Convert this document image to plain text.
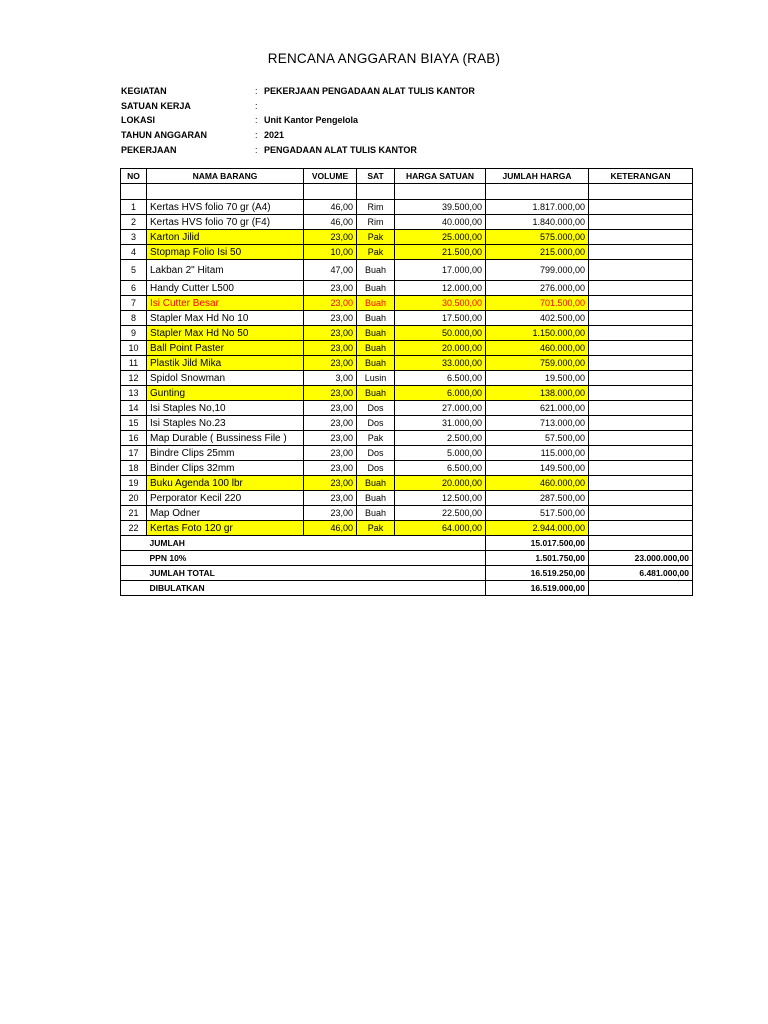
RENCANA ANGGARAN BIAYA (RAB)
KEGIATAN	: PEKERJAAN PENGADAAN ALAT TULIS KANTOR
SATUAN KERJA	:
LOKASI	: Unit Kantor Pengelola
TAHUN ANGGARAN	: 2021
PEKERJAAN	: PENGADAAN ALAT TULIS KANTOR
NO	NAMA BARANG	VOLUME	SAT	HARGA SATUAN	JUMLAH HARGA	KETERANGAN

1	Kertas HVS folio 70 gr (A4)	46,00	Rim	39.500,00	1.817.000,00	
2	Kertas HVS folio 70 gr (F4)	46,00	Rim	40.000,00	1.840.000,00	
3	Karton Jilid	23,00	Pak	25.000,00	575.000,00	
4	Stopmap Folio Isi 50	10,00	Pak	21.500,00	215.000,00	
5	Lakban 2" Hitam	47,00	Buah	17.000,00	799.000,00	
6	Handy Cutter L500	23,00	Buah	12.000,00	276.000,00	
7	Isi Cutter Besar	23,00	Buah	30.500,00	701.500,00	
8	Stapler Max Hd No 10	23,00	Buah	17.500,00	402.500,00	
9	Stapler Max Hd No 50	23,00	Buah	50.000,00	1.150.000,00	
10	Ball Point Paster	23,00	Buah	20.000,00	460.000,00	
11	Plastik Jild Mika	23,00	Buah	33.000,00	759.000,00	
12	Spidol Snowman	3,00	Lusin	6.500,00	19.500,00	
13	Gunting	23,00	Buah	6.000,00	138.000,00	
14	Isi Staples No,10	23,00	Dos	27.000,00	621.000,00	
15	Isi Staples No.23	23,00	Dos	31.000,00	713.000,00	
16	Map Durable ( Bussiness File )	23,00	Pak	2.500,00	57.500,00	
17	Bindre Clips 25mm	23,00	Dos	5.000,00	115.000,00	
18	Binder Clips 32mm	23,00	Dos	6.500,00	149.500,00	
19	Buku Agenda 100 lbr	23,00	Buah	20.000,00	460.000,00	
20	Perporator Kecil 220	23,00	Buah	12.500,00	287.500,00	
21	Map Odner	23,00	Buah	22.500,00	517.500,00	
22	Kertas Foto 120 gr	46,00	Pak	64.000,00	2.944.000,00	
	JUMLAH				15.017.500,00	
	PPN 10%				1.501.750,00	23.000.000,00
	JUMLAH TOTAL				16.519.250,00	6.481.000,00
	DIBULATKAN				16.519.000,00	
